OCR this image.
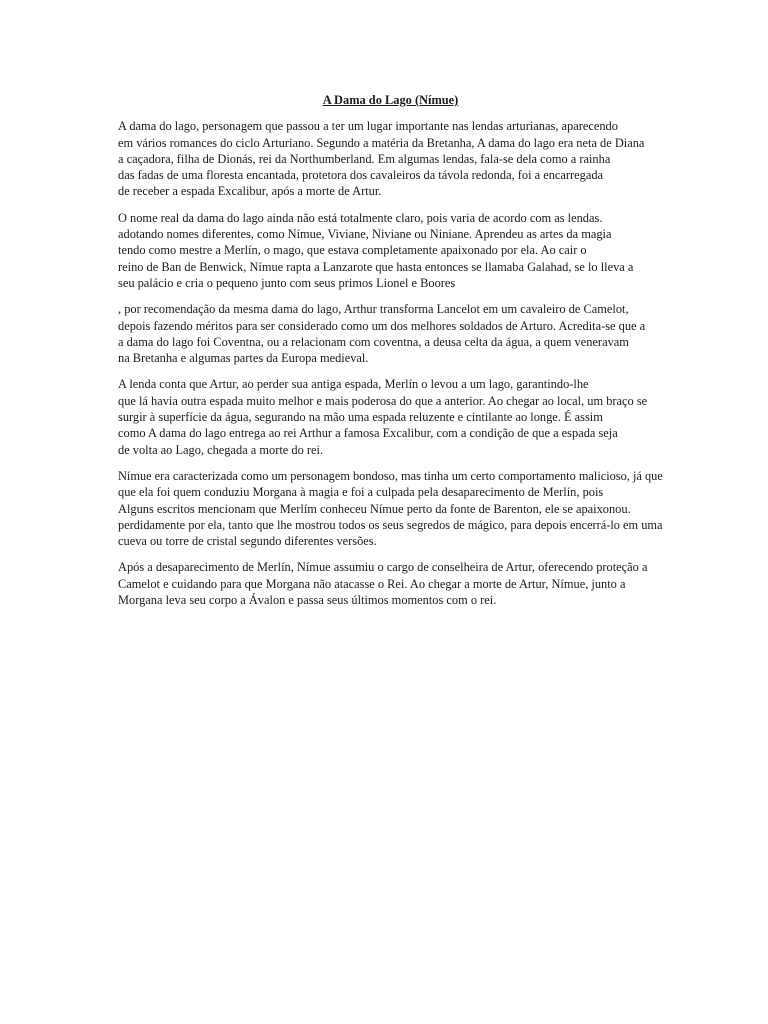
A Dama do Lago (Nímue)
A dama do lago, personagem que passou a ter um lugar importante nas lendas arturianas, aparecendo
em vários romances do ciclo Arturiano. Segundo a matéria da Bretanha, A dama do lago era neta de Diana
a caçadora, filha de Dionás, rei da Northumberland. Em algumas lendas, fala-se dela como a rainha
das fadas de uma floresta encantada, protetora dos cavaleiros da távola redonda, foi a encarregada
de receber a espada Excalibur, após a morte de Artur.
O nome real da dama do lago ainda não está totalmente claro, pois varia de acordo com as lendas.
adotando nomes diferentes, como Nímue, Viviane, Niviane ou Niniane. Aprendeu as artes da magia
tendo como mestre a Merlín, o mago, que estava completamente apaixonado por ela. Ao cair o
reino de Ban de Benwick, Nímue rapta a Lanzarote que hasta entonces se llamaba Galahad, se lo lleva a
seu palácio e cria o pequeno junto com seus primos Lionel e Boores
, por recomendação da mesma dama do lago, Arthur transforma Lancelot em um cavaleiro de Camelot,
depois fazendo méritos para ser considerado como um dos melhores soldados de Arturo. Acredita-se que a
a dama do lago foi Coventna, ou a relacionam com coventna, a deusa celta da água, a quem veneravam
na Bretanha e algumas partes da Europa medieval.
A lenda conta que Artur, ao perder sua antiga espada, Merlín o levou a um lago, garantindo-lhe
que lá havia outra espada muito melhor e mais poderosa do que a anterior. Ao chegar ao local, um braço se
surgir à superfície da água, segurando na mão uma espada reluzente e cintilante ao longe. É assim
como A dama do lago entrega ao rei Arthur a famosa Excalibur, com a condição de que a espada seja
de volta ao Lago, chegada a morte do rei.
Nímue era caracterizada como um personagem bondoso, mas tinha um certo comportamento malicioso, já que
que ela foi quem conduziu Morgana à magia e foi a culpada pela desaparecimento de Merlín, pois
Alguns escritos mencionam que Merlím conheceu Nímue perto da fonte de Barenton, ele se apaixonou.
perdidamente por ela, tanto que lhe mostrou todos os seus segredos de mágico, para depois encerrá-lo em uma
cueva ou torre de cristal segundo diferentes versões.
Após a desaparecimento de Merlín, Nímue assumiu o cargo de conselheira de Artur, oferecendo proteção a
Camelot e cuidando para que Morgana não atacasse o Rei. Ao chegar a morte de Artur, Nímue, junto a
Morgana leva seu corpo a Ávalon e passa seus últimos momentos com o rei.
